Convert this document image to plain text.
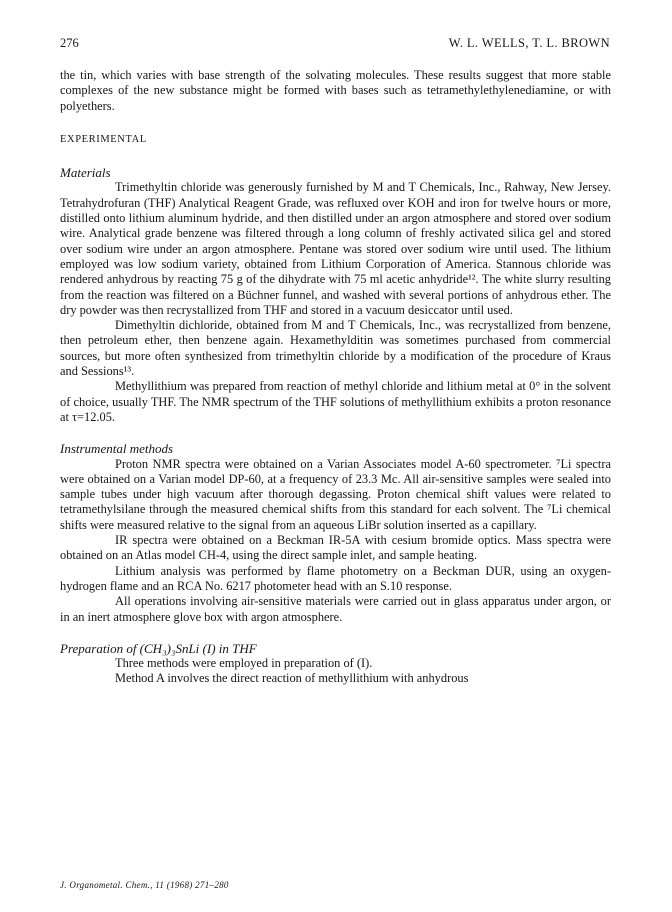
276	W. L. WELLS, T. L. BROWN

the tin, which varies with base strength of the solvating molecules. These results suggest that more stable complexes of the new substance might be formed with bases such as tetramethylethylenediamine, or with polyethers.

EXPERIMENTAL
Materials

Trimethyltin chloride was generously furnished by M and T Chemicals, Inc., Rahway, New Jersey. Tetrahydrofuran (THF) Analytical Reagent Grade, was refluxed over KOH and iron for twelve hours or more, distilled onto lithium aluminum hydride, and then distilled under an argon atmosphere and stored over sodium wire. Analytical grade benzene was filtered through a long column of freshly activated silica gel and stored over sodium wire under an argon atmosphere. Pentane was stored over sodium wire until used. The lithium employed was low sodium variety, obtained from Lithium Corporation of America. Stannous chloride was rendered anhydrous by reacting 75 g of the dihydrate with 75 ml acetic anhydride¹². The white slurry resulting from the reaction was filtered on a Büchner funnel, and washed with several portions of anhydrous ether. The dry powder was then recrystallized from THF and stored in a vacuum desiccator until used.

Dimethyltin dichloride, obtained from M and T Chemicals, Inc., was recrystallized from benzene, then petroleum ether, then benzene again. Hexamethylditin was sometimes purchased from commercial sources, but more often synthesized from trimethyltin chloride by a modification of the procedure of Kraus and Sessions¹³.

Methyllithium was prepared from reaction of methyl chloride and lithium metal at 0° in the solvent of choice, usually THF. The NMR spectrum of the THF solutions of methyllithium exhibits a proton resonance at τ=12.05.

Instrumental methods

Proton NMR spectra were obtained on a Varian Associates model A-60 spectrometer. ⁷Li spectra were obtained on a Varian model DP-60, at a frequency of 23.3 Mc. All air-sensitive samples were sealed into sample tubes under high vacuum after thorough degassing. Proton chemical shift values were related to tetramethylsilane through the measured chemical shifts from this standard for each solvent. The ⁷Li chemical shifts were measured relative to the signal from an aqueous LiBr solution inserted as a capillary.

IR spectra were obtained on a Beckman IR-5A with cesium bromide optics. Mass spectra were obtained on an Atlas model CH-4, using the direct sample inlet, and sample heating.

Lithium analysis was performed by flame photometry on a Beckman DUR, using an oxygen-hydrogen flame and an RCA No. 6217 photometer head with an S.10 response.

All operations involving air-sensitive materials were carried out in glass apparatus under argon, or in an inert atmosphere glove box with argon atmosphere.

Preparation of (CH₃)₃SnLi (I) in THF

Three methods were employed in preparation of (I).

Method A involves the direct reaction of methyllithium with anhydrous

J. Organometal. Chem., 11 (1968) 271–280
